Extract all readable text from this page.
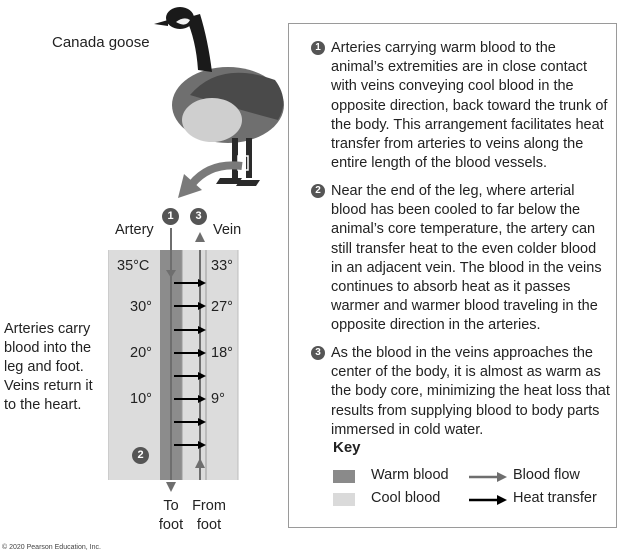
Canada goose
Arteries carry
blood into the
leg and foot.
Veins return it
to the heart.
Artery	Vein
1	3
2
35°C
30°
20°
10°
33°
27°
18°
9°
To
foot
From
foot
1 Arteries carrying warm blood to the animal’s extremities are in close contact with veins conveying cool blood in the opposite direction, back toward the trunk of the body. This arrangement facilitates heat transfer from arteries to veins along the entire length of the blood vessels.
2 Near the end of the leg, where arterial blood has been cooled to far below the animal’s core temperature, the artery can still transfer heat to the even colder blood in an adjacent vein. The blood in the veins continues to absorb heat as it passes warmer and warmer blood traveling in the opposite direction in the arteries.
3 As the blood in the veins approaches the center of the body, it is almost as warm as the body core, minimizing the heat loss that results from supplying blood to body parts immersed in cold water.
Key
Warm blood
Cool blood
Blood flow
Heat transfer
© 2020 Pearson Education, Inc.
